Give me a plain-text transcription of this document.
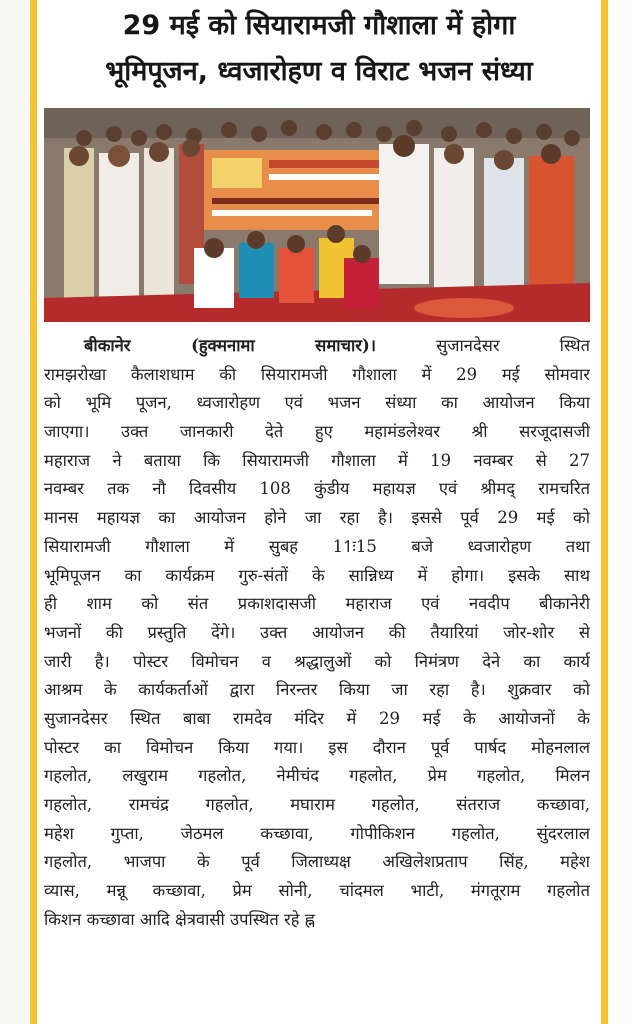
29 मई को सियारामजी गौशाला में होगा
भूमिपूजन, ध्वजारोहण व विराट भजन संध्या
बीकानेर (हुक्मनामा समाचार)।	सुजानदेसर स्थित
रामझरोखा कैलाशधाम की सियारामजी गौशाला में 29 मई सोमवार
को भूमि पूजन, ध्वजारोहण एवं भजन संध्या का आयोजन किया
जाएगा। उक्त जानकारी देते हुए महामंडलेश्वर श्री सरजूदासजी
महाराज ने बताया कि सियारामजी गौशाला में 19 नवम्बर से 27
नवम्बर तक नौ दिवसीय 108 कुंडीय महायज्ञ एवं श्रीमद् रामचरित
मानस महायज्ञ का आयोजन होने जा रहा है। इससे पूर्व 29 मई को
सियारामजी गौशाला में सुबह 11ः15 बजे ध्वजारोहण तथा
भूमिपूजन का कार्यक्रम गुरु-संतों के सान्निध्य में होगा। इसके साथ
ही शाम को संत प्रकाशदासजी महाराज एवं नवदीप बीकानेरी
भजनों की प्रस्तुति देंगे। उक्त आयोजन की तैयारियां जोर-शोर से
जारी है। पोस्टर विमोचन व श्रद्धालुओं को निमंत्रण देने का कार्य
आश्रम के कार्यकर्ताओं द्वारा निरन्तर किया जा रहा है। शुक्रवार को
सुजानदेसर स्थित बाबा रामदेव मंदिर में 29 मई के आयोजनों के
पोस्टर का विमोचन किया गया। इस दौरान पूर्व पार्षद मोहनलाल
गहलोत, लखुराम गहलोत, नेमीचंद गहलोत, प्रेम गहलोत, मिलन
गहलोत, रामचंद्र गहलोत, मघाराम गहलोत, संतराज कच्छावा,
महेश गुप्ता, जेठमल कच्छावा, गोपीकिशन गहलोत, सुंदरलाल
गहलोत, भाजपा के पूर्व जिलाध्यक्ष अखिलेशप्रताप सिंह, महेश
व्यास, मन्नू कच्छावा, प्रेम सोनी, चांदमल भाटी, मंगतूराम गहलोत
किशन कच्छावा आदि क्षेत्रवासी उपस्थित रहे ह्न
